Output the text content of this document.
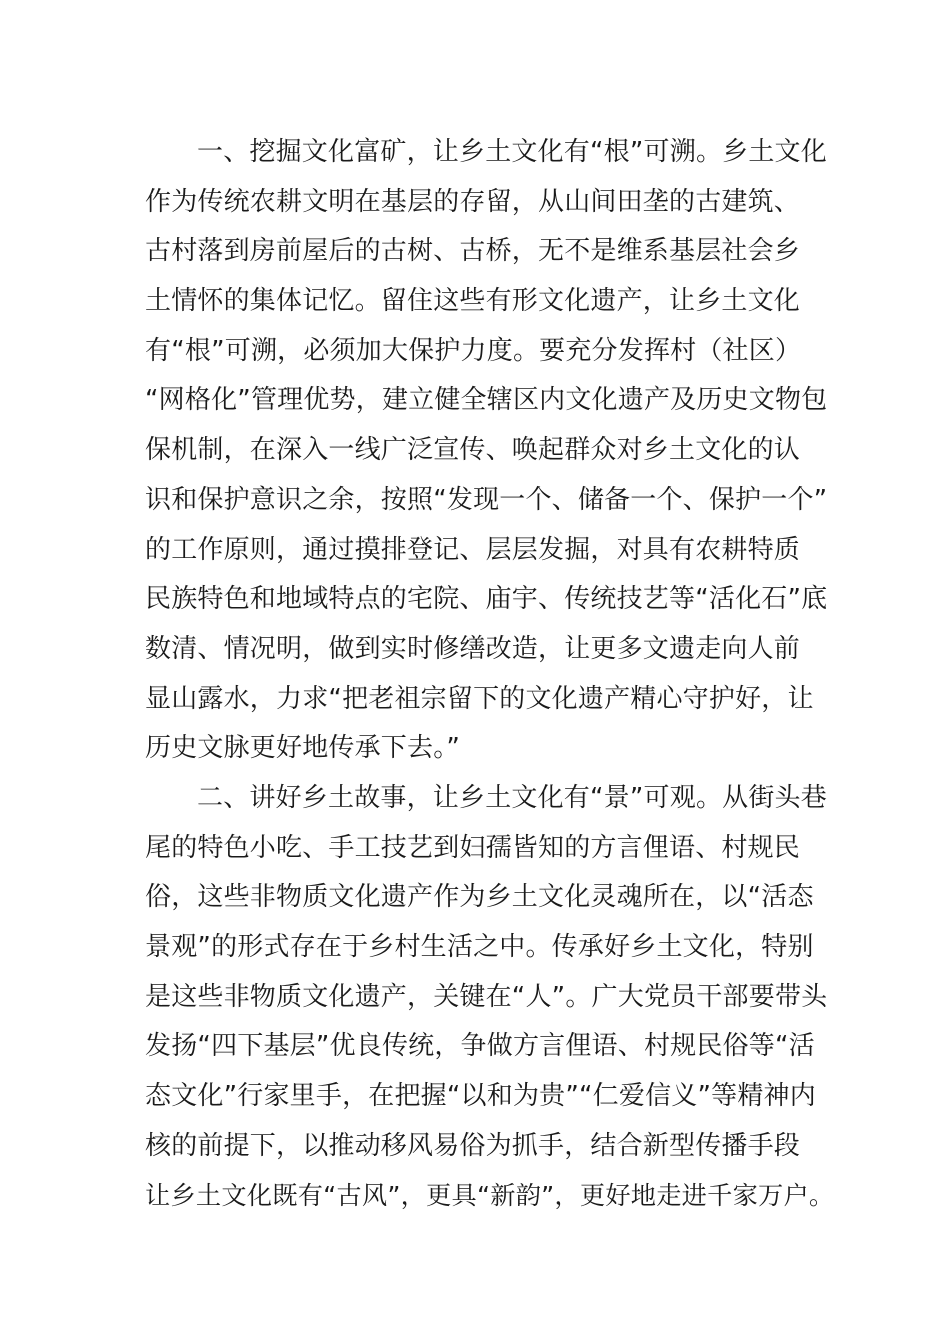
一、挖掘文化富矿，让乡土文化有“根”可溯。乡土文化
作为传统农耕文明在基层的存留，从山间田垄的古建筑、
古村落到房前屋后的古树、古桥，无不是维系基层社会乡
土情怀的集体记忆。留住这些有形文化遗产，让乡土文化
有“根”可溯，必须加大保护力度。要充分发挥村（社区）
“网格化”管理优势，建立健全辖区内文化遗产及历史文物包
保机制，在深入一线广泛宣传、唤起群众对乡土文化的认
识和保护意识之余，按照“发现一个、储备一个、保护一个”
的工作原则，通过摸排登记、层层发掘，对具有农耕特质
民族特色和地域特点的宅院、庙宇、传统技艺等“活化石”底
数清、情况明，做到实时修缮改造，让更多文遗走向人前
显山露水，力求“把老祖宗留下的文化遗产精心守护好，让
历史文脉更好地传承下去。”
二、讲好乡土故事，让乡土文化有“景”可观。从街头巷
尾的特色小吃、手工技艺到妇孺皆知的方言俚语、村规民
俗，这些非物质文化遗产作为乡土文化灵魂所在，以“活态
景观”的形式存在于乡村生活之中。传承好乡土文化，特别
是这些非物质文化遗产，关键在“人”。广大党员干部要带头
发扬“四下基层”优良传统，争做方言俚语、村规民俗等“活
态文化”行家里手，在把握“以和为贵”“仁爱信义”等精神内
核的前提下，以推动移风易俗为抓手，结合新型传播手段
让乡土文化既有“古风”，更具“新韵”，更好地走进千家万户。
